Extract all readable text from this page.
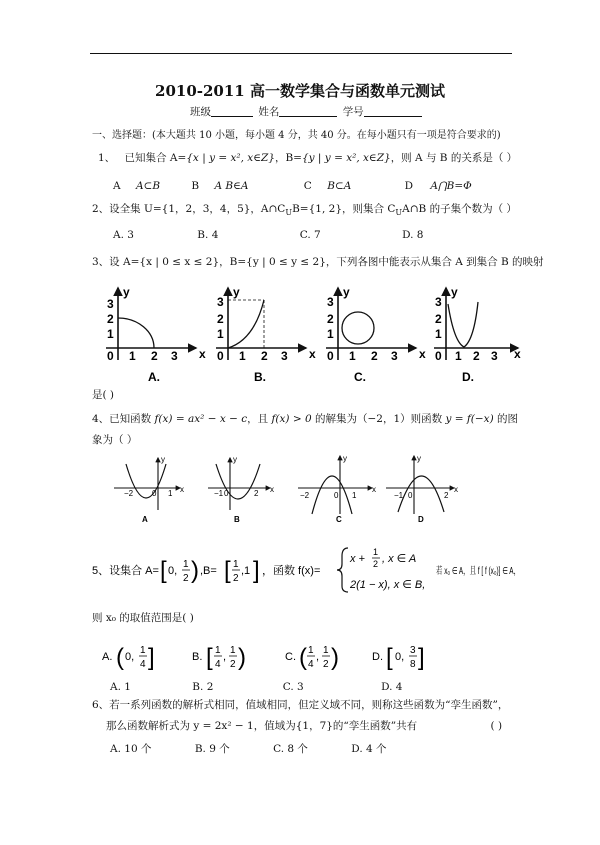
2010-2011 高一数学集合与函数单元测试
班级	姓名	学号
一、选择题：(本大题共 10 小题，每小题 4 分，共 40 分。在每小题只有一项是符合要求的)
1、 已知集合 A={x | y = x², x∈Z}，B={y | y = x², x∈Z}，则 A 与 B 的关系是（ ）
A A⊂B	B A B∈A	C B⊂A	D A⋂B=Φ
2、设全集 U={1，2，3，4，5}，$A\cap C_UB=\{1$, 2}，则集合 $C_UA\cap B$ 的子集个数为（ ）
A. 3	B. 4	C. 7	D. 8
3、设 A={x | 0 ≤ x ≤ 2}，B={y | 0 ≤ y ≤ 2}，下列各图中能表示从集合 A 到集合 B 的映射
y
3
2
1
0 1 2 3 x
A.
y
3
2
1
0 1 2 3 x
B.
y
3
2
1
0 1 2 3 x
C.
y
3
2
1
0 1 2 3 x
D.
是( )
4、已知函数 f(x) = ax² − x − c，且 f(x) > 0 的解集为（−2，1）则函数 y = f(−x) 的图
象为（ ）
y
−2 0 1 x
A
y
−1 0	2 x
B
y
−2	0 1
x
C
y
−1 0	2
x
D
5、设集合 A= [ 0,
1
2 ) ,B= [ 1
2
,1 ] ，函数 f(x)=
x +
1
2 , x ∈ A
2(1 − x), x ∈ B,
若 x₀ ∈ A，且 f [ f (x₀)] ∈ A，
则 x₀ 的取值范围是( )
A. ( 0,
1
4 ]	B. [ 1
4
,
1
2 )	C. ( 1
4
,
1
2 )	D. [ 0,
3
8 ]
A. 1	B. 2	C. 3	D. 4
6、若一系列函数的解析式相同，值域相同，但定义域不同，则称这些函数为“孪生函数”，
那么函数解析式为 y = 2x² − 1，值域为{1，7}的“孪生函数”共有	( )
A. 10 个	B. 9 个	C. 8 个	D. 4 个
